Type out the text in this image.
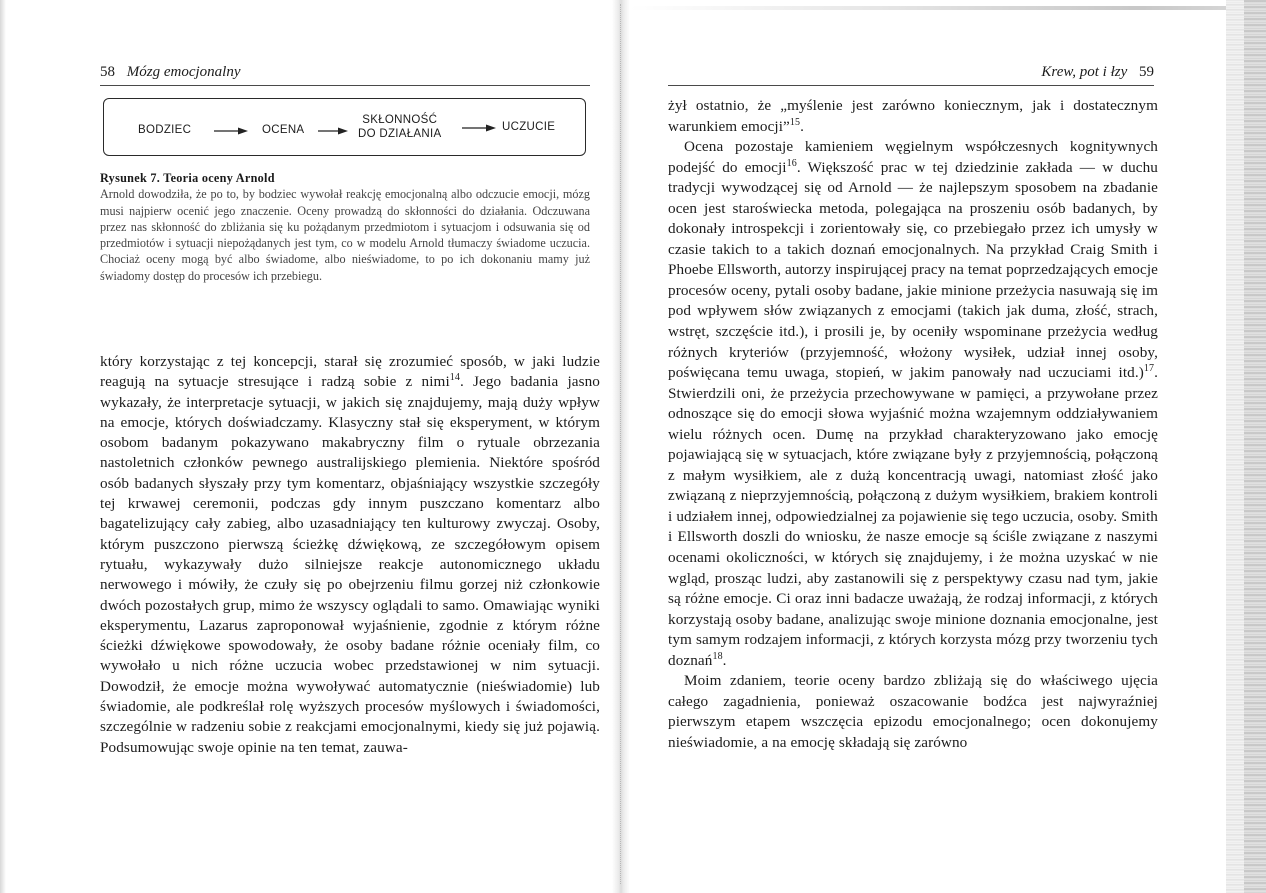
58 Mózg emocjonalny
BODZIEC	OCENA
SKŁONNOŚĆ
DO DZIAŁANIA
UCZUCIE
Rysunek 7. Teoria oceny Arnold
Arnold dowodziła, że po to, by bodziec wywołał reakcję emocjonalną albo odczucie emocji, mózg musi najpierw ocenić jego znaczenie. Oceny prowadzą do skłonności do działania. Odczuwana przez nas skłonność do zbliżania się ku pożądanym przedmiotom i sytuacjom i odsuwania się od przedmiotów i sytuacji niepożądanych jest tym, co w modelu Arnold tłumaczy świadome uczucia. Chociaż oceny mogą być albo świadome, albo nieświadome, to po ich dokonaniu mamy już świadomy dostęp do procesów ich przebiegu.
który korzystając z tej koncepcji, starał się zrozumieć sposób, w jaki ludzie reagują na sytuacje stresujące i radzą sobie z nimi$^{14}$. Jego badania jasno wykazały, że interpretacje sytuacji, w jakich się znajdujemy, mają duży wpływ na emocje, których doświadczamy. Klasyczny stał się eksperyment, w którym osobom badanym pokazywano makabryczny film o rytuale obrzezania nastoletnich członków pewnego australijskiego plemienia. Niektóre spośród osób badanych słyszały przy tym komentarz, objaśniający wszystkie szczegóły tej krwawej ceremonii, podczas gdy innym puszczano komentarz albo bagatelizujący cały zabieg, albo uzasadniający ten kulturowy zwyczaj. Osoby, którym puszczono pierwszą ścieżkę dźwiękową, ze szczegółowym opisem rytuału, wykazywały dużo silniejsze reakcje autonomicznego układu nerwowego i mówiły, że czuły się po obejrzeniu filmu gorzej niż członkowie dwóch pozostałych grup, mimo że wszyscy oglądali to samo. Omawiając wyniki eksperymentu, Lazarus zaproponował wyjaśnienie, zgodnie z którym różne ścieżki dźwiękowe spowodowały, że osoby badane różnie oceniały film, co wywołało u nich różne uczucia wobec przedstawionej w nim sytuacji. Dowodził, że emocje można wywoływać automatycznie (nieświadomie) lub świadomie, ale podkreślał rolę wyższych procesów myślowych i świadomości, szczególnie w radzeniu sobie z reakcjami emocjonalnymi, kiedy się już pojawią. Podsumowując swoje opinie na ten temat, zauwa-
Krew, pot i łzy 59

żył ostatnio, że „myślenie jest zarówno koniecznym, jak i dostatecznym warunkiem emocji”$^{15}$.

Ocena pozostaje kamieniem węgielnym współczesnych kognitywnych podejść do emocji$^{16}$. Większość prac w tej dziedzinie zakłada — w duchu tradycji wywodzącej się od Arnold — że najlepszym sposobem na zbadanie ocen jest staroświecka metoda, polegająca na proszeniu osób badanych, by dokonały introspekcji i zorientowały się, co przebiegało przez ich umysły w czasie takich to a takich doznań emocjonalnych. Na przykład Craig Smith i Phoebe Ellsworth, autorzy inspirującej pracy na temat poprzedzających emocje procesów oceny, pytali osoby badane, jakie minione przeżycia nasuwają się im pod wpływem słów związanych z emocjami (takich jak duma, złość, strach, wstręt, szczęście itd.), i prosili je, by oceniły wspominane przeżycia według różnych kryteriów (przyjemność, włożony wysiłek, udział innej osoby, poświęcana temu uwaga, stopień, w jakim panowały nad uczuciami itd.)$^{17}$. Stwierdzili oni, że przeżycia przechowywane w pamięci, a przywołane przez odnoszące się do emocji słowa wyjaśnić można wzajemnym oddziaływaniem wielu różnych ocen. Dumę na przykład charakteryzowano jako emocję pojawiającą się w sytuacjach, które związane były z przyjemnością, połączoną z małym wysiłkiem, ale z dużą koncentracją uwagi, natomiast złość jako związaną z nieprzyjemnością, połączoną z dużym wysiłkiem, brakiem kontroli i udziałem innej, odpowiedzialnej za pojawienie się tego uczucia, osoby. Smith i Ellsworth doszli do wniosku, że nasze emocje są ściśle związane z naszymi ocenami okoliczności, w których się znajdujemy, i że można uzyskać w nie wgląd, prosząc ludzi, aby zastanowili się z perspektywy czasu nad tym, jakie są różne emocje. Ci oraz inni badacze uważają, że rodzaj informacji, z których korzystają osoby badane, analizując swoje minione doznania emocjonalne, jest tym samym rodzajem informacji, z których korzysta mózg przy tworzeniu tych doznań$^{18}$.

Moim zdaniem, teorie oceny bardzo zbliżają się do właściwego ujęcia całego zagadnienia, ponieważ oszacowanie bodźca jest najwyraźniej pierwszym etapem wszczęcia epizodu emocjonalnego; ocen dokonujemy nieświadomie, a na emocję składają się zarówno
